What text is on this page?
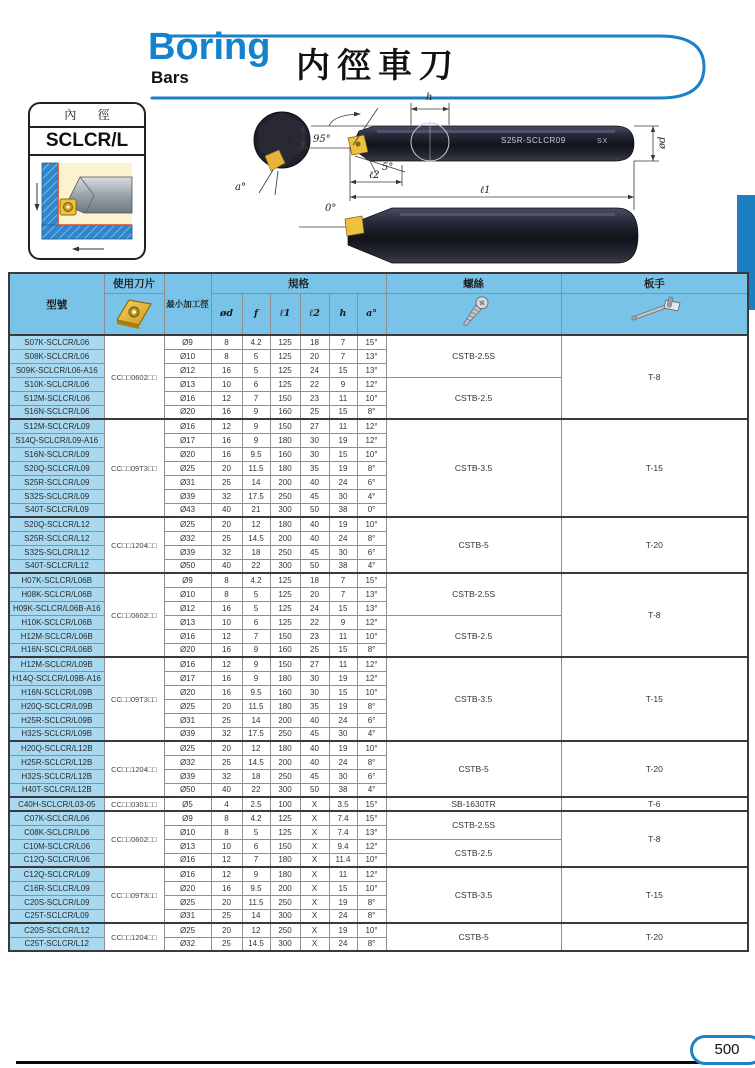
Boring
Bars	内徑車刀
內 徑
SCLCR/L
a°
S25R-SCLCR09	SX
h
95°
f
5°
ℓ2
ℓ1
ød
0°
型號	使用刀片	最小加工徑	規格						螺絲	板手
	ød	f	ℓ1	ℓ2	h	a°		
S07K-SCLCR/L06	CC□□0602□□	Ø9	8	4.2	125	18	7	15°	CSTB-2.5S	T-8
S08K-SCLCR/L06		Ø10	8	5	125	20	7	13°		
S09K-SCLCR/L06-A16		Ø12	16	5	125	24	15	13°		
S10K-SCLCR/L06		Ø13	10	6	125	22	9	12°	CSTB-2.5	
S12M-SCLCR/L06		Ø16	12	7	150	23	11	10°		
S16N-SCLCR/L06		Ø20	16	9	160	25	15	8°		
S12M-SCLCR/L09	CC□□09T3□□	Ø16	12	9	150	27	11	12°	CSTB-3.5	T-15
S14Q-SCLCR/L09-A16		Ø17	16	9	180	30	19	12°		
S16N-SCLCR/L09		Ø20	16	9.5	160	30	15	10°		
S20Q-SCLCR/L09		Ø25	20	11.5	180	35	19	8°		
S25R-SCLCR/L09		Ø31	25	14	200	40	24	6°		
S32S-SCLCR/L09		Ø39	32	17.5	250	45	30	4°		
S40T-SCLCR/L09		Ø43	40	21	300	50	38	0°		
S20Q-SCLCR/L12	CC□□1204□□	Ø25	20	12	180	40	19	10°	CSTB-5	T-20
S25R-SCLCR/L12		Ø32	25	14.5	200	40	24	8°		
S32S-SCLCR/L12		Ø39	32	18	250	45	30	6°		
S40T-SCLCR/L12		Ø50	40	22	300	50	38	4°		
H07K-SCLCR/L06B	CC□□0602□□	Ø9	8	4.2	125	18	7	15°	CSTB-2.5S	T-8
H08K-SCLCR/L06B		Ø10	8	5	125	20	7	13°		
H09K-SCLCR/L06B-A16		Ø12	16	5	125	24	15	13°		
H10K-SCLCR/L06B		Ø13	10	6	125	22	9	12°	CSTB-2.5	
H12M-SCLCR/L06B		Ø16	12	7	150	23	11	10°		
H16N-SCLCR/L06B		Ø20	16	9	160	25	15	8°		
H12M-SCLCR/L09B	CC□□09T3□□	Ø16	12	9	150	27	11	12°	CSTB-3.5	T-15
H14Q-SCLCR/L09B-A16		Ø17	16	9	180	30	19	12°		
H16N-SCLCR/L09B		Ø20	16	9.5	160	30	15	10°		
H20Q-SCLCR/L09B		Ø25	20	11.5	180	35	19	8°		
H25R-SCLCR/L09B		Ø31	25	14	200	40	24	6°		
H32S-SCLCR/L09B		Ø39	32	17.5	250	45	30	4°		
H20Q-SCLCR/L12B	CC□□1204□□	Ø25	20	12	180	40	19	10°	CSTB-5	T-20
H25R-SCLCR/L12B		Ø32	25	14.5	200	40	24	8°		
H32S-SCLCR/L12B		Ø39	32	18	250	45	30	6°		
H40T-SCLCR/L12B		Ø50	40	22	300	50	38	4°		
C40H-SCLCR/L03-05	CC□□0301□□	Ø5	4	2.5	100	X	3.5	15°	SB-1630TR	T-6
C07K-SCLCR/L06	CC□□0602□□	Ø9	8	4.2	125	X	7.4	15°	CSTB-2.5S	T-8
C08K-SCLCR/L06		Ø10	8	5	125	X	7.4	13°		
C10M-SCLCR/L06		Ø13	10	6	150	X	9.4	12°	CSTB-2.5	
C12Q-SCLCR/L06		Ø16	12	7	180	X	11.4	10°		
C12Q-SCLCR/L09	CC□□09T3□□	Ø16	12	9	180	X	11	12°	CSTB-3.5	T-15
C16R-SCLCR/L09		Ø20	16	9.5	200	X	15	10°		
C20S-SCLCR/L09		Ø25	20	11.5	250	X	19	8°		
C25T-SCLCR/L09		Ø31	25	14	300	X	24	8°		
C20S-SCLCR/L12	CC□□1204□□	Ø25	20	12	250	X	19	10°	CSTB-5	T-20
C25T-SCLCR/L12		Ø32	25	14.5	300	X	24	8°		
500
